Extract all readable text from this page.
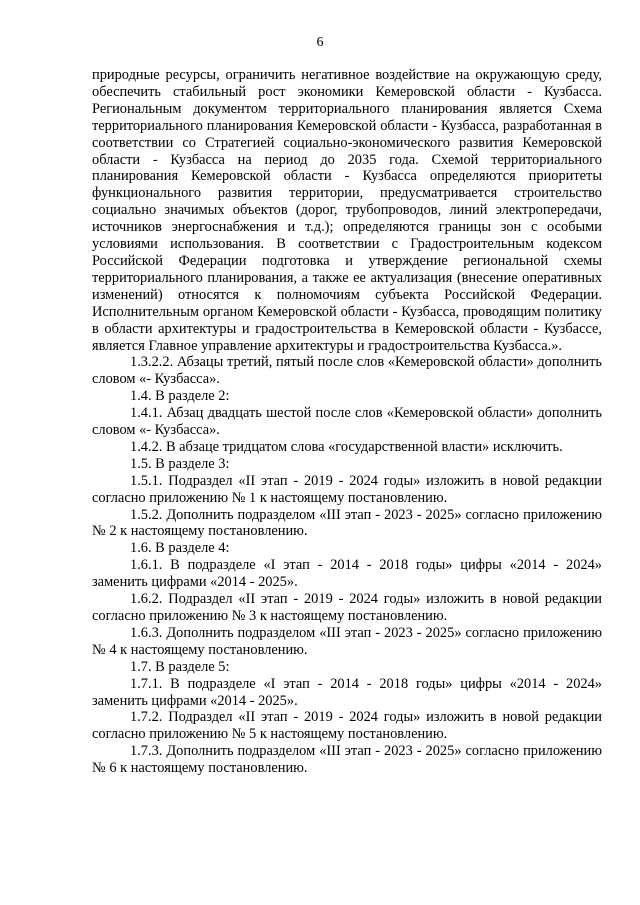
6

природные ресурсы, ограничить негативное воздействие на окружающую среду, обеспечить стабильный рост экономики Кемеровской области - Кузбасса. Региональным документом территориального планирования является Схема территориального планирования Кемеровской области - Кузбасса, разработанная в соответствии со Стратегией социально-экономического развития Кемеровской области - Кузбасса на период до 2035 года. Схемой территориального планирования Кемеровской области - Кузбасса определяются приоритеты функционального развития территории, предусматривается строительство социально значимых объектов (дорог, трубопроводов, линий электропередачи, источников энергоснабжения и т.д.); определяются границы зон с особыми условиями использования. В соответствии с Градостроительным кодексом Российской Федерации подготовка и утверждение региональной схемы территориального планирования, а также ее актуализация (внесение оперативных изменений) относятся к полномочиям субъекта Российской Федерации. Исполнительным органом Кемеровской области - Кузбасса, проводящим политику в области архитектуры и градостроительства в Кемеровской области - Кузбассе, является Главное управление архитектуры и градостроительства Кузбасса.».

1.3.2.2. Абзацы третий, пятый после слов «Кемеровской области» дополнить словом «- Кузбасса».

1.4. В разделе 2:

1.4.1. Абзац двадцать шестой после слов «Кемеровской области» дополнить словом «- Кузбасса».

1.4.2. В абзаце тридцатом слова «государственной власти» исключить.

1.5. В разделе 3:

1.5.1. Подраздел «II этап - 2019 - 2024 годы» изложить в новой редакции согласно приложению № 1 к настоящему постановлению.

1.5.2. Дополнить подразделом «III этап - 2023 - 2025» согласно приложению № 2 к настоящему постановлению.

1.6. В разделе 4:

1.6.1. В подразделе «I этап - 2014 - 2018 годы» цифры «2014 - 2024» заменить цифрами «2014 - 2025».

1.6.2. Подраздел «II этап - 2019 - 2024 годы» изложить в новой редакции согласно приложению № 3 к настоящему постановлению.

1.6.3. Дополнить подразделом «III этап - 2023 - 2025» согласно приложению № 4 к настоящему постановлению.

1.7. В разделе 5:

1.7.1. В подразделе «I этап - 2014 - 2018 годы» цифры «2014 - 2024» заменить цифрами «2014 - 2025».

1.7.2. Подраздел «II этап - 2019 - 2024 годы» изложить в новой редакции согласно приложению № 5 к настоящему постановлению.

1.7.3. Дополнить подразделом «III этап - 2023 - 2025» согласно приложению № 6 к настоящему постановлению.
